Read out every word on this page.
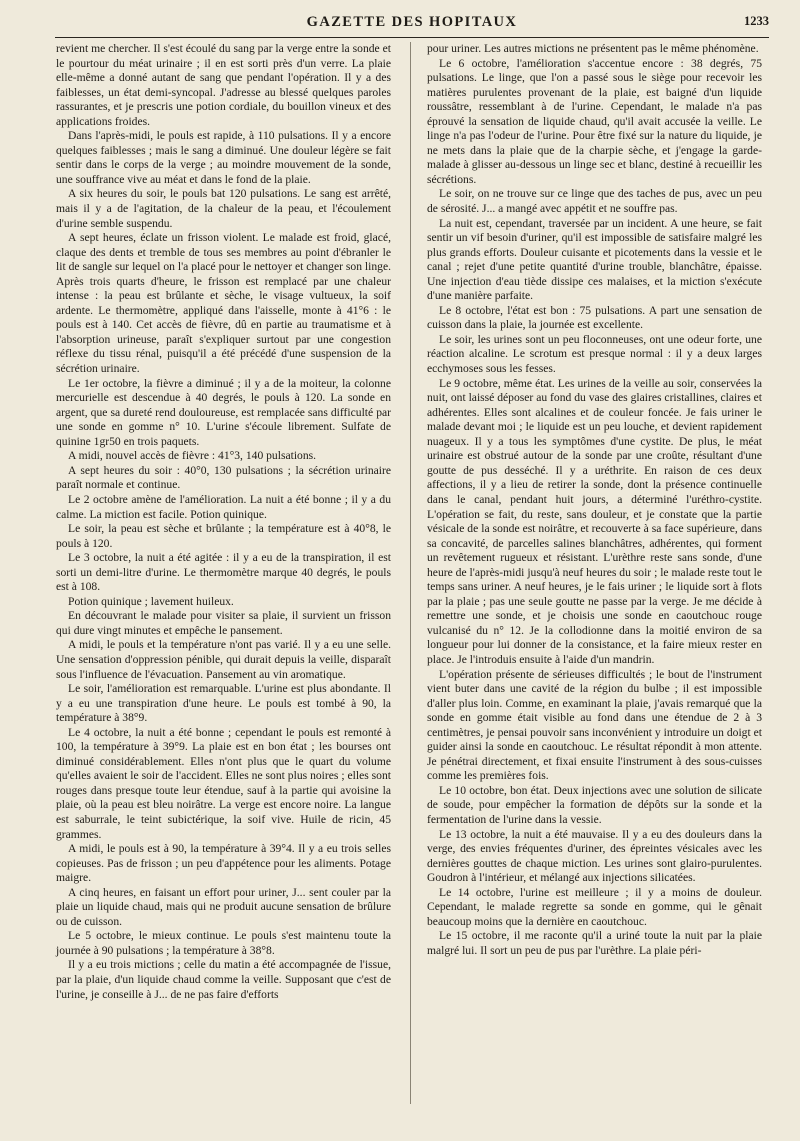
GAZETTE DES HOPITAUX	1233

revient me chercher. Il s'est écoulé du sang par la verge entre la sonde et le pourtour du méat urinaire ; il en est sorti près d'un verre. La plaie elle-même a donné autant de sang que pendant l'opération. Il y a des faiblesses, un état demi-syncopal. J'adresse au blessé quelques paroles rassurantes, et je prescris une potion cordiale, du bouillon vineux et des applications froides.

Dans l'après-midi, le pouls est rapide, à 110 pulsations. Il y a encore quelques faiblesses ; mais le sang a diminué. Une douleur légère se fait sentir dans le corps de la verge ; au moindre mouvement de la sonde, une souffrance vive au méat et dans le fond de la plaie.

A six heures du soir, le pouls bat 120 pulsations. Le sang est arrêté, mais il y a de l'agitation, de la chaleur de la peau, et l'écoulement d'urine semble suspendu.

A sept heures, éclate un frisson violent. Le malade est froid, glacé, claque des dents et tremble de tous ses membres au point d'ébranler le lit de sangle sur lequel on l'a placé pour le nettoyer et changer son linge. Après trois quarts d'heure, le frisson est remplacé par une chaleur intense : la peau est brûlante et sèche, le visage vultueux, la soif ardente. Le thermomètre, appliqué dans l'aisselle, monte à 41°6 : le pouls est à 140. Cet accès de fièvre, dû en partie au traumatisme et à l'absorption urineuse, paraît s'expliquer surtout par une congestion réflexe du tissu rénal, puisqu'il a été précédé d'une suspension de la sécrétion urinaire.

Le 1er octobre, la fièvre a diminué ; il y a de la moiteur, la colonne mercurielle est descendue à 40 degrés, le pouls à 120. La sonde en argent, que sa dureté rend douloureuse, est remplacée sans difficulté par une sonde en gomme n° 10. L'urine s'écoule librement. Sulfate de quinine 1gr50 en trois paquets.

A midi, nouvel accès de fièvre : 41°3, 140 pulsations.

A sept heures du soir : 40°0, 130 pulsations ; la sécrétion urinaire paraît normale et continue.

Le 2 octobre amène de l'amélioration. La nuit a été bonne ; il y a du calme. La miction est facile. Potion quinique.

Le soir, la peau est sèche et brûlante ; la température est à 40°8, le pouls à 120.

Le 3 octobre, la nuit a été agitée : il y a eu de la transpiration, il est sorti un demi-litre d'urine. Le thermomètre marque 40 degrés, le pouls est à 108.

Potion quinique ; lavement huileux.

En découvrant le malade pour visiter sa plaie, il survient un frisson qui dure vingt minutes et empêche le pansement.

A midi, le pouls et la température n'ont pas varié. Il y a eu une selle. Une sensation d'oppression pénible, qui durait depuis la veille, disparaît sous l'influence de l'évacuation. Pansement au vin aromatique.

Le soir, l'amélioration est remarquable. L'urine est plus abondante. Il y a eu une transpiration d'une heure. Le pouls est tombé à 90, la température à 38°9.

Le 4 octobre, la nuit a été bonne ; cependant le pouls est remonté à 100, la température à 39°9. La plaie est en bon état ; les bourses ont diminué considérablement. Elles n'ont plus que le quart du volume qu'elles avaient le soir de l'accident. Elles ne sont plus noires ; elles sont rouges dans presque toute leur étendue, sauf à la partie qui avoisine la plaie, où la peau est bleu noirâtre. La verge est encore noire. La langue est saburrale, le teint subictérique, la soif vive. Huile de ricin, 45 grammes.

A midi, le pouls est à 90, la température à 39°4. Il y a eu trois selles copieuses. Pas de frisson ; un peu d'appétence pour les aliments. Potage maigre.

A cinq heures, en faisant un effort pour uriner, J... sent couler par la plaie un liquide chaud, mais qui ne produit aucune sensation de brûlure ou de cuisson.

Le 5 octobre, le mieux continue. Le pouls s'est maintenu toute la journée à 90 pulsations ; la température à 38°8.

Il y a eu trois mictions ; celle du matin a été accompagnée de l'issue, par la plaie, d'un liquide chaud comme la veille. Supposant que c'est de l'urine, je conseille à J... de ne pas faire d'efforts

pour uriner. Les autres mictions ne présentent pas le même phénomène.

Le 6 octobre, l'amélioration s'accentue encore : 38 degrés, 75 pulsations. Le linge, que l'on a passé sous le siège pour recevoir les matières purulentes provenant de la plaie, est baigné d'un liquide roussâtre, ressemblant à de l'urine. Cependant, le malade n'a pas éprouvé la sensation de liquide chaud, qu'il avait accusée la veille. Le linge n'a pas l'odeur de l'urine. Pour être fixé sur la nature du liquide, je ne mets dans la plaie que de la charpie sèche, et j'engage la garde-malade à glisser au-dessous un linge sec et blanc, destiné à recueillir les sécrétions.

Le soir, on ne trouve sur ce linge que des taches de pus, avec un peu de sérosité. J... a mangé avec appétit et ne souffre pas.

La nuit est, cependant, traversée par un incident. A une heure, se fait sentir un vif besoin d'uriner, qu'il est impossible de satisfaire malgré les plus grands efforts. Douleur cuisante et picotements dans la vessie et le canal ; rejet d'une petite quantité d'urine trouble, blanchâtre, épaisse. Une injection d'eau tiède dissipe ces malaises, et la miction s'exécute d'une manière parfaite.

Le 8 octobre, l'état est bon : 75 pulsations. A part une sensation de cuisson dans la plaie, la journée est excellente.

Le soir, les urines sont un peu floconneuses, ont une odeur forte, une réaction alcaline. Le scrotum est presque normal : il y a deux larges ecchymoses sous les fesses.

Le 9 octobre, même état. Les urines de la veille au soir, conservées la nuit, ont laissé déposer au fond du vase des glaires cristallines, claires et adhérentes. Elles sont alcalines et de couleur foncée. Je fais uriner le malade devant moi ; le liquide est un peu louche, et devient rapidement nuageux. Il y a tous les symptômes d'une cystite. De plus, le méat urinaire est obstrué autour de la sonde par une croûte, résultant d'une goutte de pus desséché. Il y a uréthrite. En raison de ces deux affections, il y a lieu de retirer la sonde, dont la présence continuelle dans le canal, pendant huit jours, a déterminé l'uréthro-cystite. L'opération se fait, du reste, sans douleur, et je constate que la partie vésicale de la sonde est noirâtre, et recouverte à sa face supérieure, dans sa concavité, de parcelles salines blanchâtres, adhérentes, qui forment un revêtement rugueux et résistant. L'urèthre reste sans sonde, d'une heure de l'après-midi jusqu'à neuf heures du soir ; le malade reste tout le temps sans uriner. A neuf heures, je le fais uriner ; le liquide sort à flots par la plaie ; pas une seule goutte ne passe par la verge. Je me décide à remettre une sonde, et je choisis une sonde en caoutchouc rouge vulcanisé du n° 12. Je la collodionne dans la moitié environ de sa longueur pour lui donner de la consistance, et la faire mieux rester en place. Je l'introduis ensuite à l'aide d'un mandrin.

L'opération présente de sérieuses difficultés ; le bout de l'instrument vient buter dans une cavité de la région du bulbe ; il est impossible d'aller plus loin. Comme, en examinant la plaie, j'avais remarqué que la sonde en gomme était visible au fond dans une étendue de 2 à 3 centimètres, je pensai pouvoir sans inconvénient y introduire un doigt et guider ainsi la sonde en caoutchouc. Le résultat répondit à mon attente. Je pénétrai directement, et fixai ensuite l'instrument à des sous-cuisses comme les premières fois.

Le 10 octobre, bon état. Deux injections avec une solution de silicate de soude, pour empêcher la formation de dépôts sur la sonde et la fermentation de l'urine dans la vessie.

Le 13 octobre, la nuit a été mauvaise. Il y a eu des douleurs dans la verge, des envies fréquentes d'uriner, des épreintes vésicales avec les dernières gouttes de chaque miction. Les urines sont glairo-purulentes. Goudron à l'intérieur, et mélangé aux injections silicatées.

Le 14 octobre, l'urine est meilleure ; il y a moins de douleur. Cependant, le malade regrette sa sonde en gomme, qui le gênait beaucoup moins que la dernière en caoutchouc.

Le 15 octobre, il me raconte qu'il a uriné toute la nuit par la plaie malgré lui. Il sort un peu de pus par l'urèthre. La plaie péri-
